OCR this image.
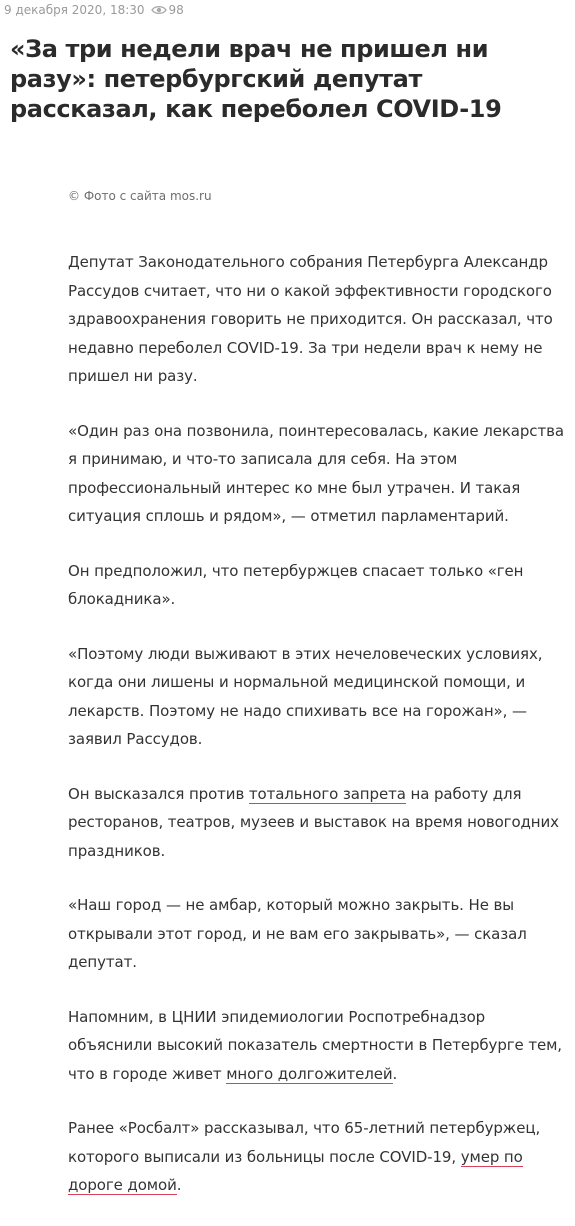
9 декабря 2020, 18:30 98
«За три недели врач не пришел ни разу»: петербургский депутат рассказал, как переболел COVID-19
© Фото с сайта mos.ru

Депутат Законодательного собрания Петербурга Александр Рассудов считает, что ни о какой эффективности городского здравоохранения говорить не приходится. Он рассказал, что недавно переболел COVID-19. За три недели врач к нему не пришел ни разу.

«Один раз она позвонила, поинтересовалась, какие лекарства я принимаю, и что-то записала для себя. На этом профессиональный интерес ко мне был утрачен. И такая ситуация сплошь и рядом», — отметил парламентарий.

Он предположил, что петербуржцев спасает только «ген блокадника».

«Поэтому люди выживают в этих нечеловеческих условиях, когда они лишены и нормальной медицинской помощи, и лекарств. Поэтому не надо спихивать все на горожан», — заявил Рассудов.

Он высказался против тотального запрета на работу для ресторанов, театров, музеев и выставок на время новогодних праздников.

«Наш город — не амбар, который можно закрыть. Не вы открывали этот город, и не вам его закрывать», — сказал депутат.

Напомним, в ЦНИИ эпидемиологии Роспотребнадзор объяснили высокий показатель смертности в Петербурге тем, что в городе живет много долгожителей.

Ранее «Росбалт» рассказывал, что 65-летний петербуржец, которого выписали из больницы после COVID-19, умер по дороге домой.
